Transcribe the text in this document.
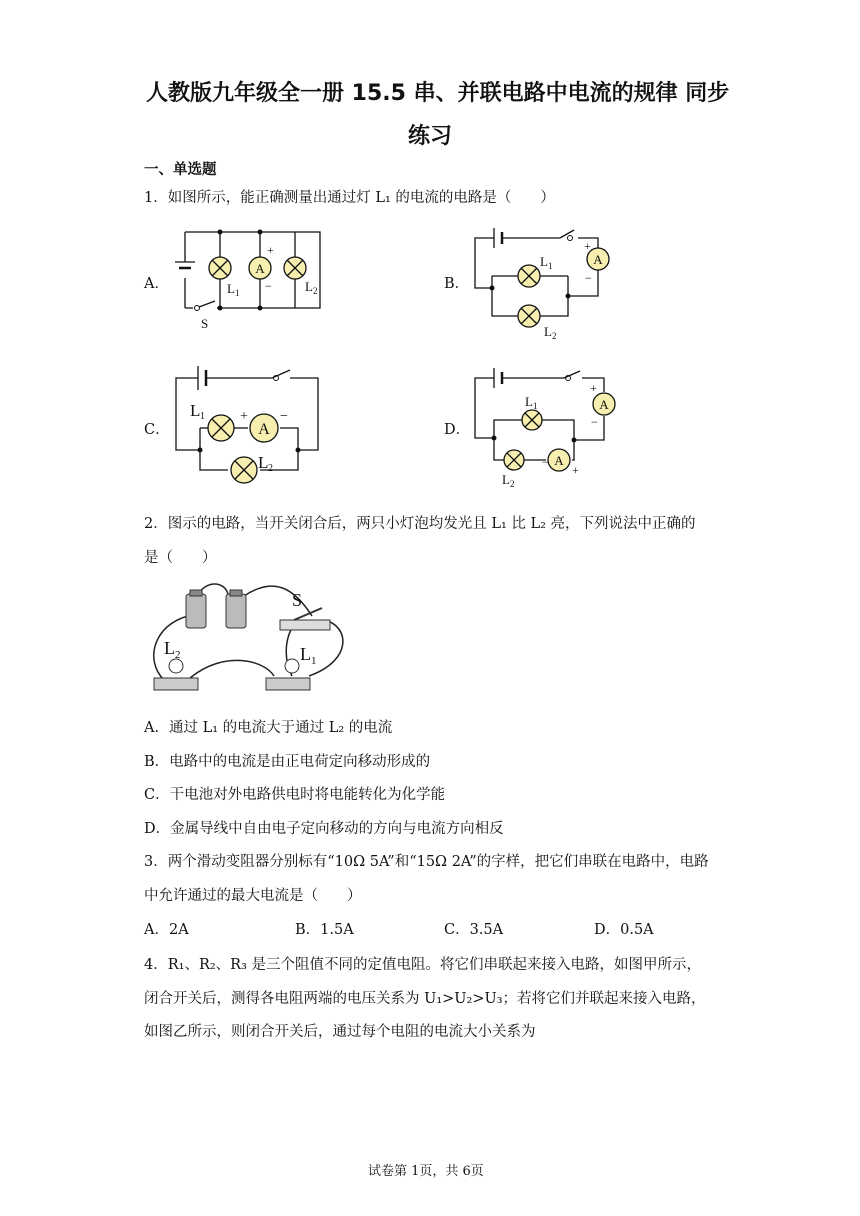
人教版九年级全一册 15.5 串、并联电路中电流的规律 同步
练习
一、单选题
1．如图所示，能正确测量出通过灯 L₁ 的电流的电路是（　　）
A．	B．
C．	D．
A
+
−
L 1	L 2
S
A
+
−
L 1
L 2
A
+ −
L 1
L 2
A
A
+
−
−
+
L 1
L 2
2．图示的电路，当开关闭合后，两只小灯泡均发光且 L₁ 比 L₂ 亮，下列说法中正确的
是（　　）
S
L 2	L 1
A．通过 L₁ 的电流大于通过 L₂ 的电流
B．电路中的电流是由正电荷定向移动形成的
C．干电池对外电路供电时将电能转化为化学能
D．金属导线中自由电子定向移动的方向与电流方向相反
3．两个滑动变阻器分别标有“10Ω 5A”和“15Ω 2A”的字样，把它们串联在电路中，电路
中允许通过的最大电流是（　　）
A．2A	B．1.5A	C．3.5A	D．0.5A
4．R₁、R₂、R₃ 是三个阻值不同的定值电阻。将它们串联起来接入电路，如图甲所示，
闭合开关后，测得各电阻两端的电压关系为 U₁>U₂>U₃；若将它们并联起来接入电路，
如图乙所示，则闭合开关后，通过每个电阻的电流大小关系为
试卷第 1页，共 6页
